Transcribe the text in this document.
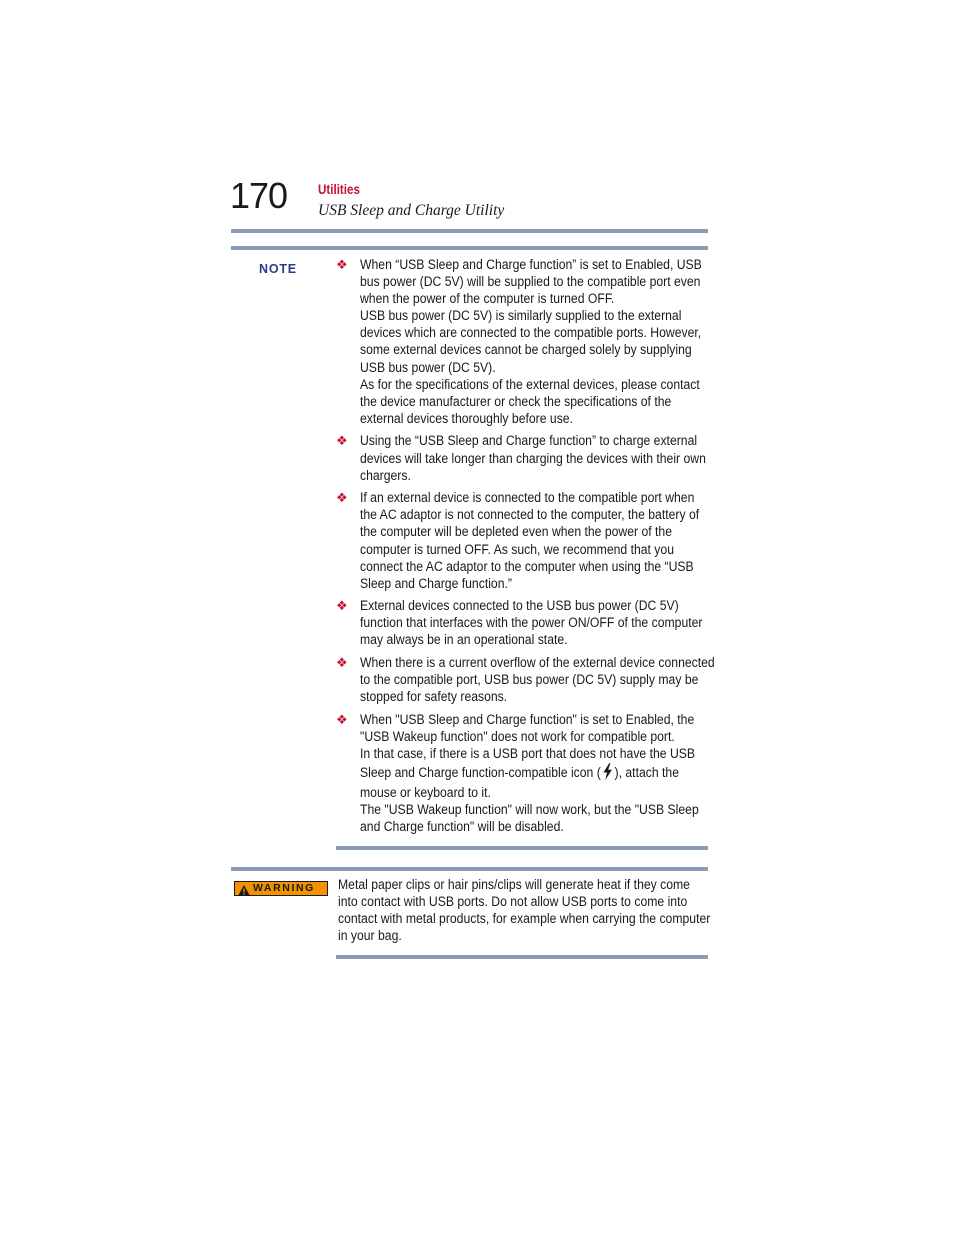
170 Utilities
USB Sleep and Charge Utility
NOTE	❖ When “USB Sleep and Charge function” is set to Enabled, USB
bus power (DC 5V) will be supplied to the compatible port even
when the power of the computer is turned OFF.
USB bus power (DC 5V) is similarly supplied to the external
devices which are connected to the compatible ports. However,
some external devices cannot be charged solely by supplying
USB bus power (DC 5V).
As for the specifications of the external devices, please contact
the device manufacturer or check the specifications of the
external devices thoroughly before use.
❖ Using the “USB Sleep and Charge function” to charge external
devices will take longer than charging the devices with their own
chargers.
❖ If an external device is connected to the compatible port when
the AC adaptor is not connected to the computer, the battery of
the computer will be depleted even when the power of the
computer is turned OFF. As such, we recommend that you
connect the AC adaptor to the computer when using the “USB
Sleep and Charge function.”
❖ External devices connected to the USB bus power (DC 5V)
function that interfaces with the power ON/OFF of the computer
may always be in an operational state.
❖ When there is a current overflow of the external device connected
to the compatible port, USB bus power (DC 5V) supply may be
stopped for safety reasons.
❖ When "USB Sleep and Charge function" is set to Enabled, the
"USB Wakeup function" does not work for compatible port.
In that case, if there is a USB port that does not have the USB
Sleep and Charge function-compatible icon ( ), attach the
mouse or keyboard to it.
The "USB Wakeup function" will now work, but the "USB Sleep
and Charge function" will be disabled.
WARNING Metal paper clips or hair pins/clips will generate heat if they come
into contact with USB ports. Do not allow USB ports to come into
contact with metal products, for example when carrying the computer
in your bag.
